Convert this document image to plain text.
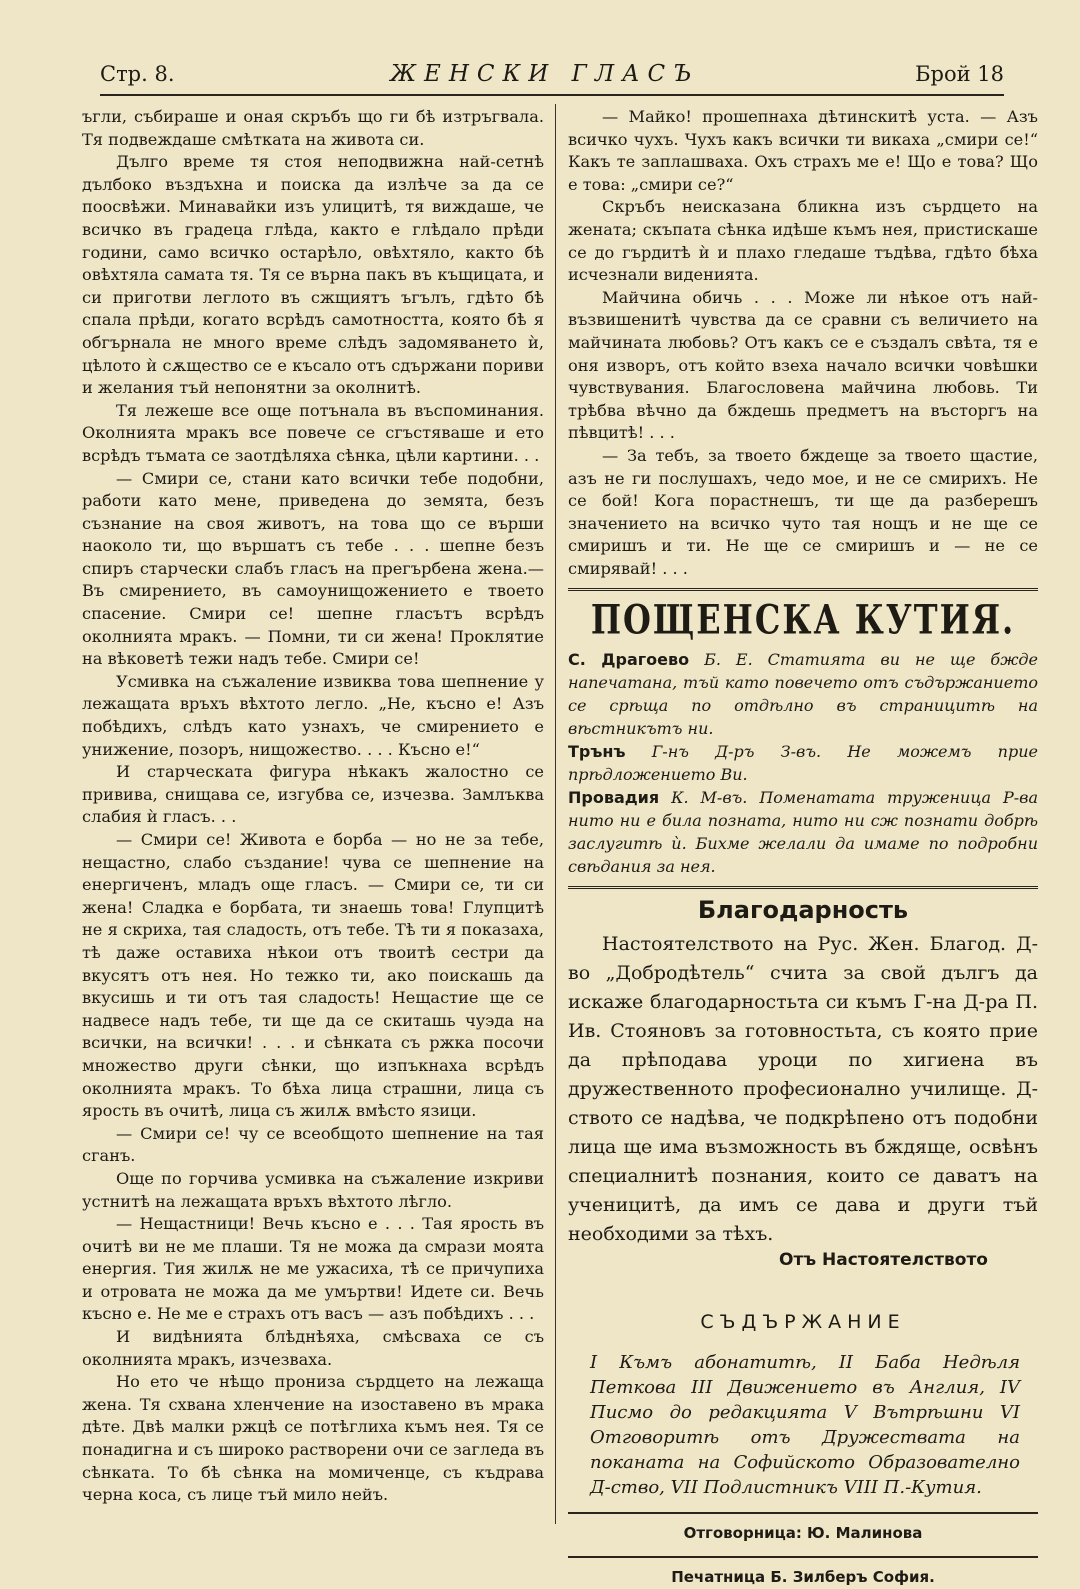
Стр. 8.	ЖЕНСКИ ГЛАСЪ	Брой 18

ъгли, събираше и оная скръбъ що ги бѣ изтръгвала. Тя подвеждаше смѣтката на живота си.

Дълго време тя стоя неподвижна най-сетнѣ дълбоко въздъхна и поиска да излѣче за да се поосвѣжи. Минавайки изъ улицитѣ, тя виждаше, че всичко въ градеца глѣда, както е глѣдало прѣди години, само всичко остарѣло, овѣхтяло, както бѣ овѣхтяла самата тя. Тя се върна пакъ въ къщицата, и си приготви леглото въ сжщиятъ ъгълъ, гдѣто бѣ спала прѣди, когато всрѣдъ самотността, която бѣ я обгърнала не много време слѣдъ задомяването ѝ, цѣлото ѝ сѫщество се е късало отъ сдържани пориви и желания тъй непонятни за околнитѣ.

Тя лежеше все още потънала въ въспоминания. Околнията мракъ все повече се сгъстяваше и ето всрѣдъ тъмата се заотдѣляха сѣнка, цѣли картини. . .

— Смири се, стани като всички тебе подобни, работи като мене, приведена до земята, безъ съзнание на своя животъ, на това що се върши наоколо ти, що вършатъ съ тебе . . . шепне безъ спиръ старчески слабъ гласъ на прегърбена жена.—Въ смирението, въ самоунищожението е твоето спасение. Смири се! шепне гласътъ всрѣдъ околнията мракъ. — Помни, ти си жена! Проклятие на вѣковетѣ тежи надъ тебе. Смири се!

Усмивка на съжаление извиква това шепнение у лежащата връхъ вѣхтото легло. „Не, късно е! Азъ побѣдихъ, слѣдъ като узнахъ, че смирението е унижение, позоръ, нищожество. . . . Късно е!“

И старческата фигура нѣкакъ жалостно се привива, снищава се, изгубва се, изчезва. Замлъква слабия ѝ гласъ. . .

— Смири се! Живота е борба — но не за тебе, нещастно, слабо създание! чува се шепнение на енергиченъ, младъ още гласъ. — Смири се, ти си жена! Сладка е борбата, ти знаешь това! Глупцитѣ не я скриха, тая сладость, отъ тебе. Тѣ ти я показаха, тѣ даже оставиха нѣкои отъ твоитѣ сестри да вкусятъ отъ нея. Но тежко ти, ако поискашь да вкусишь и ти отъ тая сладость! Нещастие ще се надвесе надъ тебе, ти ще да се скиташь чуэда на всички, на всички! . . . и сѣнката съ ржка посочи множество други сѣнки, що изпъкнаха всрѣдъ околнията мракъ. То бѣха лица страшни, лица съ ярость въ очитѣ, лица съ жилѫ вмѣсто язици.

— Смири се! чу се всеобщото шепнение на тая сганъ.

Още по горчива усмивка на съжаление изкриви устнитѣ на лежащата връхъ вѣхтото лѣгло.

— Нещастници! Вечь късно е . . . Тая ярость въ очитѣ ви не ме плаши. Тя не можа да смрази моята енергия. Тия жилѫ не ме ужасиха, тѣ се причупиха и отровата не можа да ме умъртви! Идете си. Вечь късно е. Не ме е страхъ отъ васъ — азъ побѣдихъ . . .

И видѣнията блѣднѣяха, смѣсваха се съ околнията мракъ, изчезваха.

Но ето че нѣщо прониза сърдцето на лежаща жена. Тя схвана хленчение на изоставено въ мрака дѣте. Двѣ малки ржцѣ се потѣглиха къмъ нея. Тя се понадигна и съ широко растворени очи се загледа въ сѣнката. То бѣ сѣнка на момиченце, съ къдрава черна коса, съ лице тъй мило нейъ.

— Майко! прошепнаха дѣтинскитѣ уста. — Азъ всичко чухъ. Чухъ какъ всички ти викаха „смири се!“ Какъ те заплашваха. Охъ страхъ ме е! Що е това? Що е това: „смири се?“

Скръбъ неисказана бликна изъ сърдцето на жената; скъпата сѣнка идѣше къмъ нея, пристискаше се до гърдитѣ ѝ и плахо гледаше тъдѣва, гдѣто бѣха исчезнали виденията.

Майчина обичь . . . Може ли нѣкое отъ най-възвишенитѣ чувства да се сравни съ величието на майчината любовь? Отъ какъ се е създалъ свѣта, тя е оня изворъ, отъ който взеха начало всички човѣшки чувствувания. Благословена майчина любовь. Ти трѣбва вѣчно да бждешь предметъ на въсторгъ на пѣвцитѣ! . . .

— За тебъ, за твоето бждеще за твоето щастие, азъ не ги послушахъ, чедо мое, и не се смирихъ. Не се бой! Кога порастнешъ, ти ще да разберешъ значението на всичко чуто тая нощъ и не ще се смиришъ и ти. Не ще се смиришъ и — не се смирявай! . . .

ПОЩЕНСКА КУТИЯ.

С. Драгоево Б. Е. Статията ви не ще бжде напечатана, тъй като повечето отъ съдържанието се срѣща по отдѣлно въ страницитѣ на вѣстникътъ ни.

Трънъ Г-нъ Д-ръ З-въ. Не можемъ прие прѣдложението Ви.

Провадия К. М-въ. Поменатата труженица Р-ва нито ни е била позната, нито ни сж познати добрѣ заслугитѣ ѝ. Бихме желали да имаме по подробни свѣдания за нея.

Благодарность

Настоятелството на Рус. Жен. Благод. Д-во „Добродѣтель“ счита за свой дългъ да искаже благодарностьта си къмъ Г-на Д-ра П. Ив. Стояновъ за готовностьта, съ която прие да прѣподава уроци по хигиена въ дружественното професионално училище. Д-ството се надѣва, че подкрѣпено отъ подобни лица ще има възможность въ бждяще, освѣнъ специалнитѣ познания, които се даватъ на ученицитѣ, да имъ се дава и други тъй необходими за тѣхъ.

Отъ Настоятелството
СЪДЪРЖАНИЕ

I Къмъ абонатитѣ, II Баба Недѣля Петкова III Движението въ Англия, IV Писмо до редакцията V Вътрѣшни VI Отговоритѣ отъ Дружествата на поканата на Софийското Образователно Д-ство, VII Подлистникъ VIII П.-Кутия.

Отговорница: Ю. Малинова

Печатница Б. Зилберъ София.
